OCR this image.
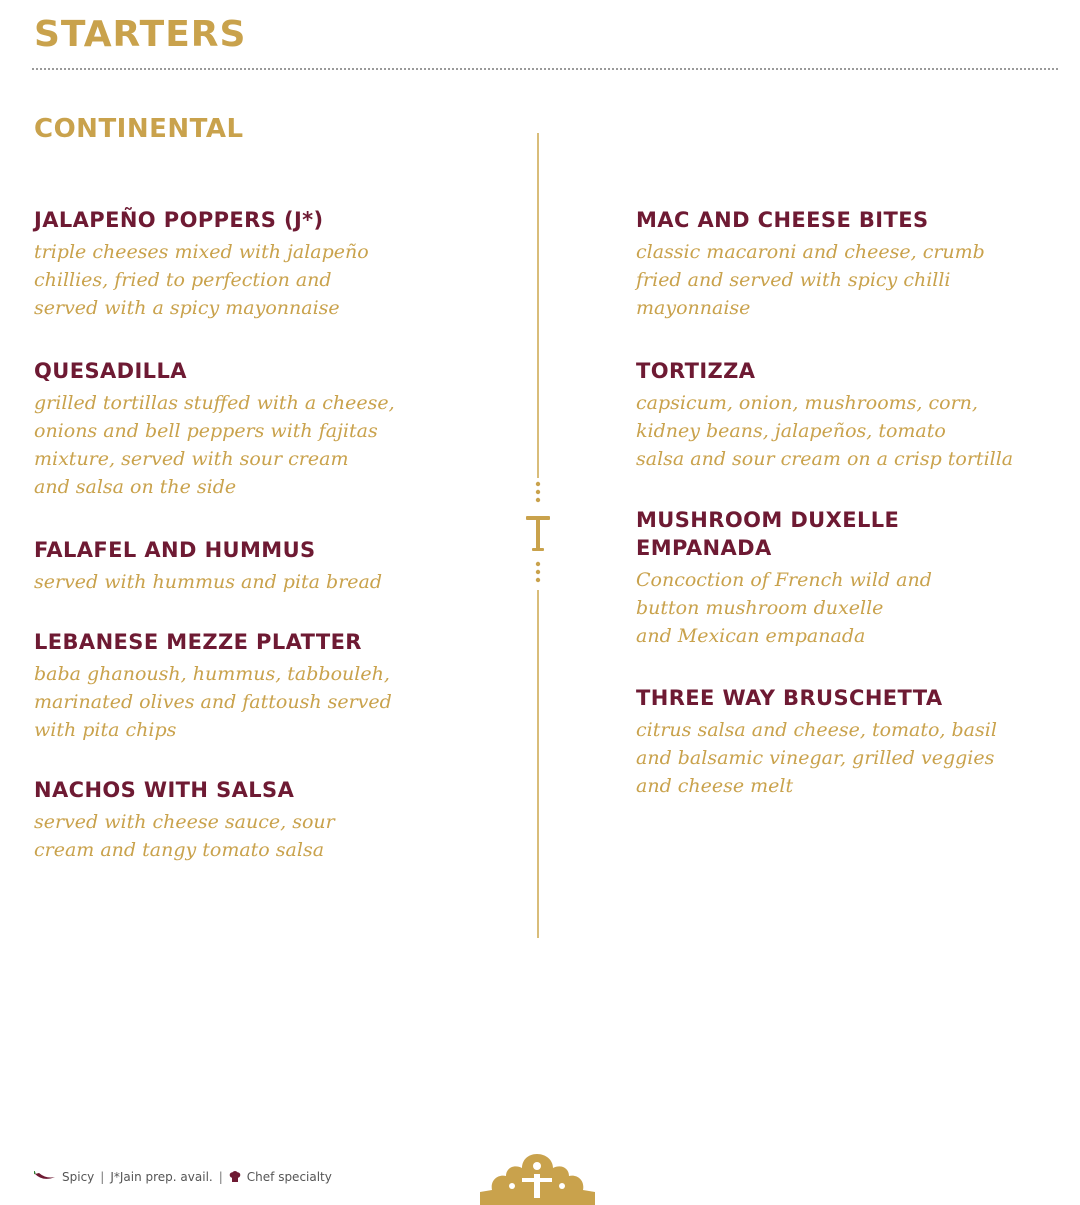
STARTERS
CONTINENTAL
JALAPEÑO POPPERS (J*)

triple cheeses mixed with jalapeño
chillies, fried to perfection and
served with a spicy mayonnaise

QUESADILLA

grilled tortillas stuffed with a cheese,
onions and bell peppers with fajitas
mixture, served with sour cream
and salsa on the side

FALAFEL AND HUMMUS

served with hummus and pita bread

LEBANESE MEZZE PLATTER

baba ghanoush, hummus, tabbouleh,
marinated olives and fattoush served
with pita chips

NACHOS WITH SALSA

served with cheese sauce, sour
cream and tangy tomato salsa

MAC AND CHEESE BITES

classic macaroni and cheese, crumb
fried and served with spicy chilli
mayonnaise

TORTIZZA

capsicum, onion, mushrooms, corn,
kidney beans, jalapeños, tomato
salsa and sour cream on a crisp tortilla

MUSHROOM DUXELLE
EMPANADA

Concoction of French wild and
button mushroom duxelle
and Mexican empanada

THREE WAY BRUSCHETTA

citrus salsa and cheese, tomato, basil
and balsamic vinegar, grilled veggies
and cheese melt

Spicy | J*Jain prep. avail. | Chef specialty
